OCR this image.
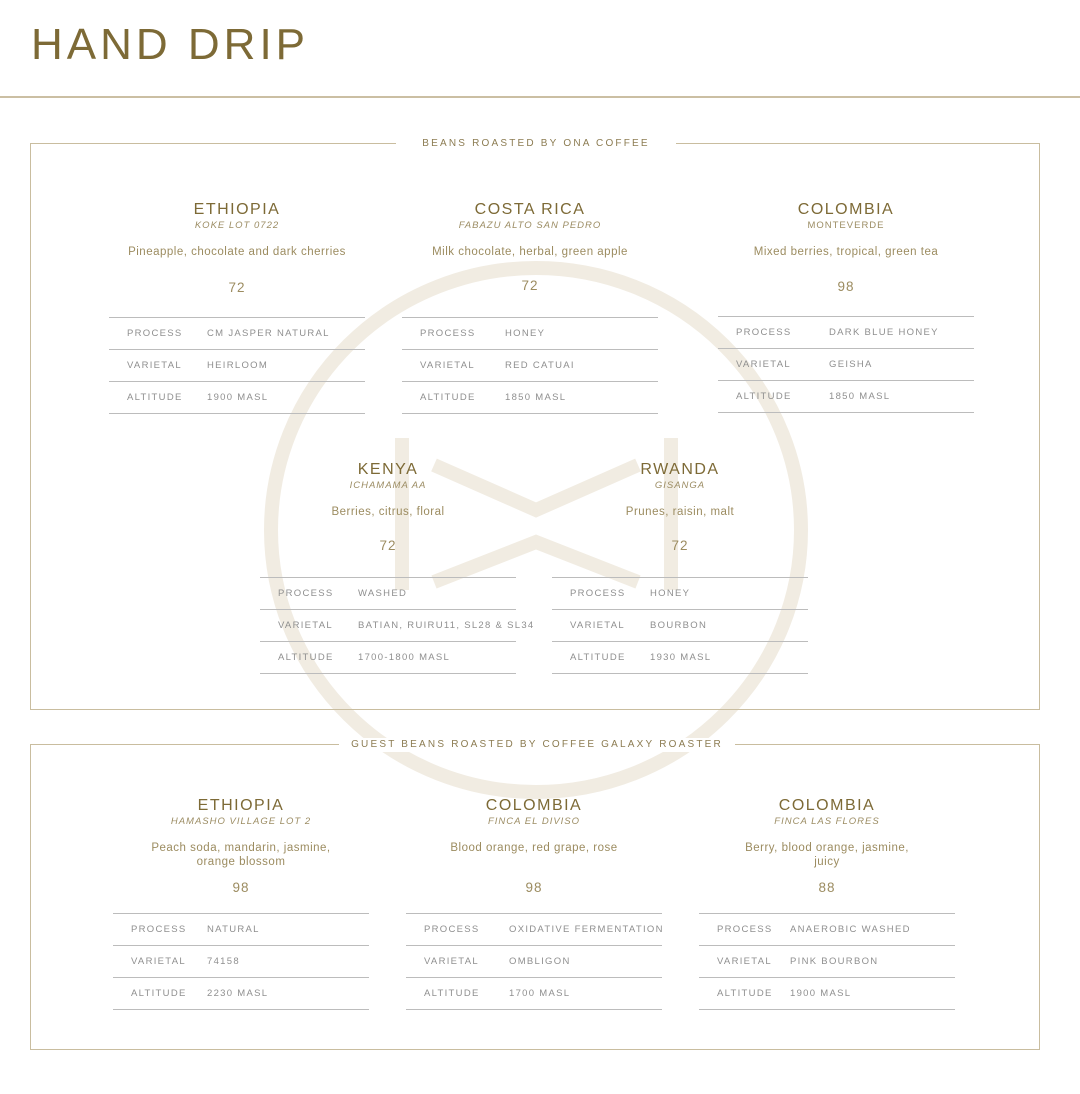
HAND DRIP
BEANS ROASTED BY ONA COFFEE
ETHIOPIA
KOKE LOT 0722
Pineapple, chocolate and dark cherries
72
PROCESS	CM JASPER NATURAL
VARIETAL	HEIRLOOM
ALTITUDE	1900 MASL
COSTA RICA
FABAZU ALTO SAN PEDRO
Milk chocolate, herbal, green apple
72
PROCESS	HONEY
VARIETAL	RED CATUAI
ALTITUDE	1850 MASL
COLOMBIA
MONTEVERDE
Mixed berries, tropical, green tea
98
PROCESS	DARK BLUE HONEY
VARIETAL	GEISHA
ALTITUDE	1850 MASL
KENYA
ICHAMAMA AA
Berries, citrus, floral
72
PROCESS	WASHED
VARIETAL	BATIAN, RUIRU11, SL28 & SL34
ALTITUDE	1700-1800 MASL
RWANDA
GISANGA
Prunes, raisin, malt
72
PROCESS	HONEY
VARIETAL	BOURBON
ALTITUDE	1930 MASL
GUEST BEANS ROASTED BY COFFEE GALAXY ROASTER
ETHIOPIA
HAMASHO VILLAGE LOT 2
Peach soda, mandarin, jasmine, orange blossom
98
PROCESS NATURAL
VARIETAL 74158
ALTITUDE 2230 MASL
COLOMBIA
FINCA EL DIVISO
Blood orange, red grape, rose
98
PROCESS	OXIDATIVE FERMENTATION
VARIETAL	OMBLIGON
ALTITUDE	1700 MASL
COLOMBIA
FINCA LAS FLORES
Berry, blood orange, jasmine, juicy
88
PROCESS ANAEROBIC WASHED
VARIETAL PINK BOURBON
ALTITUDE 1900 MASL
